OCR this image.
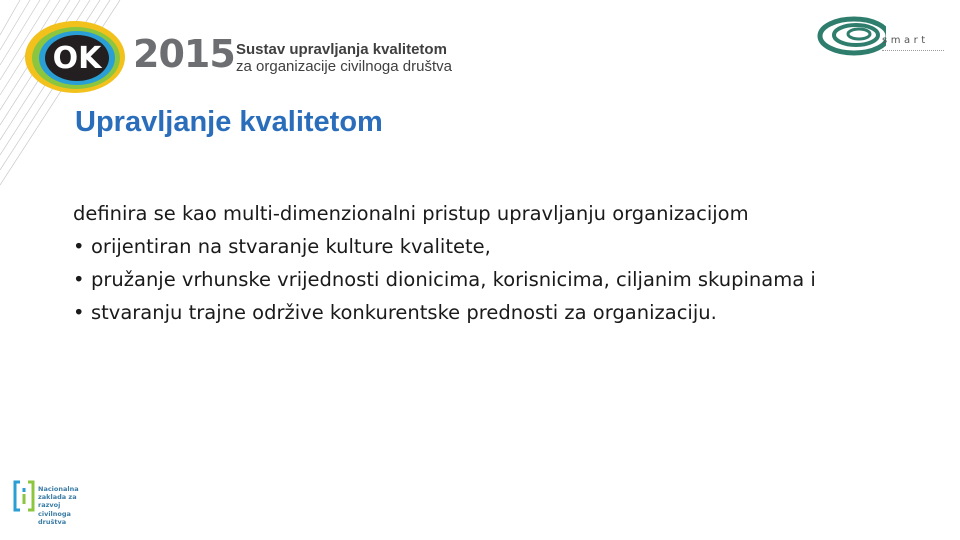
OK 2015 Sustav upravljanja kvalitetom
za organizacije civilnoga društva
smart
Upravljanje kvalitetom

definira se kao multi-dimenzionalni pristup upravljanju organizacijom

• orijentiran na stvaranje kulture kvalitete,
• pružanje vrhunske vrijednosti dionicima, korisnicima, ciljanim skupinama i
• stvaranju trajne održive konkurentske prednosti za organizaciju.
Nacionalna
zaklada za
razvoj
civilnoga
društva
